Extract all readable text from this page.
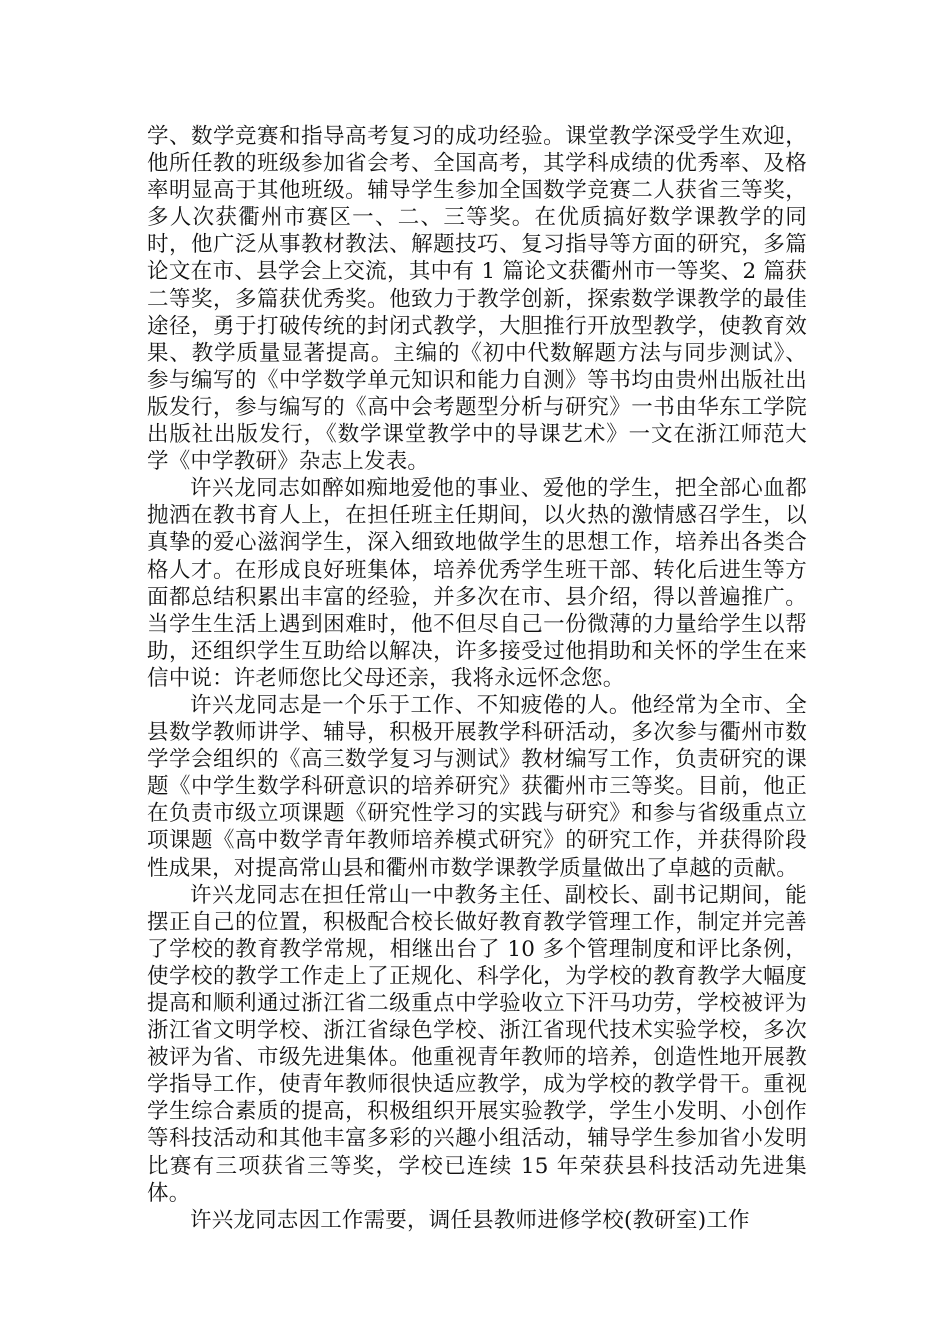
学、数学竞赛和指导高考复习的成功经验。课堂教学深受学生欢迎，他所任教的班级参加省会考、全国高考，其学科成绩的优秀率、及格率明显高于其他班级。辅导学生参加全国数学竞赛二人获省三等奖，多人次获衢州市赛区一、二、三等奖。在优质搞好数学课教学的同时，他广泛从事教材教法、解题技巧、复习指导等方面的研究，多篇论文在市、县学会上交流，其中有 1 篇论文获衢州市一等奖、2 篇获二等奖，多篇获优秀奖。他致力于教学创新，探索数学课教学的最佳途径，勇于打破传统的封闭式教学，大胆推行开放型教学，使教育效果、教学质量显著提高。主编的《初中代数解题方法与同步测试》、参与编写的《中学数学单元知识和能力自测》等书均由贵州出版社出版发行，参与编写的《高中会考题型分析与研究》一书由华东工学院出版社出版发行，《数学课堂教学中的导课艺术》一文在浙江师范大学《中学教研》杂志上发表。

许兴龙同志如醉如痴地爱他的事业、爱他的学生，把全部心血都抛洒在教书育人上，在担任班主任期间，以火热的激情感召学生，以真挚的爱心滋润学生，深入细致地做学生的思想工作，培养出各类合格人才。在形成良好班集体，培养优秀学生班干部、转化后进生等方面都总结积累出丰富的经验，并多次在市、县介绍，得以普遍推广。当学生生活上遇到困难时，他不但尽自己一份微薄的力量给学生以帮助，还组织学生互助给以解决，许多接受过他捐助和关怀的学生在来信中说：许老师您比父母还亲，我将永远怀念您。

许兴龙同志是一个乐于工作、不知疲倦的人。他经常为全市、全县数学教师讲学、辅导，积极开展教学科研活动，多次参与衢州市数学学会组织的《高三数学复习与测试》教材编写工作，负责研究的课题《中学生数学科研意识的培养研究》获衢州市三等奖。目前，他正在负责市级立项课题《研究性学习的实践与研究》和参与省级重点立项课题《高中数学青年教师培养模式研究》的研究工作，并获得阶段性成果，对提高常山县和衢州市数学课教学质量做出了卓越的贡献。

许兴龙同志在担任常山一中教务主任、副校长、副书记期间，能摆正自己的位置，积极配合校长做好教育教学管理工作，制定并完善了学校的教育教学常规，相继出台了 10 多个管理制度和评比条例，使学校的教学工作走上了正规化、科学化，为学校的教育教学大幅度提高和顺利通过浙江省二级重点中学验收立下汗马功劳，学校被评为浙江省文明学校、浙江省绿色学校、浙江省现代技术实验学校，多次被评为省、市级先进集体。他重视青年教师的培养，创造性地开展教学指导工作，使青年教师很快适应教学，成为学校的教学骨干。重视学生综合素质的提高，积极组织开展实验教学，学生小发明、小创作等科技活动和其他丰富多彩的兴趣小组活动，辅导学生参加省小发明比赛有三项获省三等奖，学校已连续 15 年荣获县科技活动先进集体。

许兴龙同志因工作需要，调任县教师进修学校(教研室)工作
